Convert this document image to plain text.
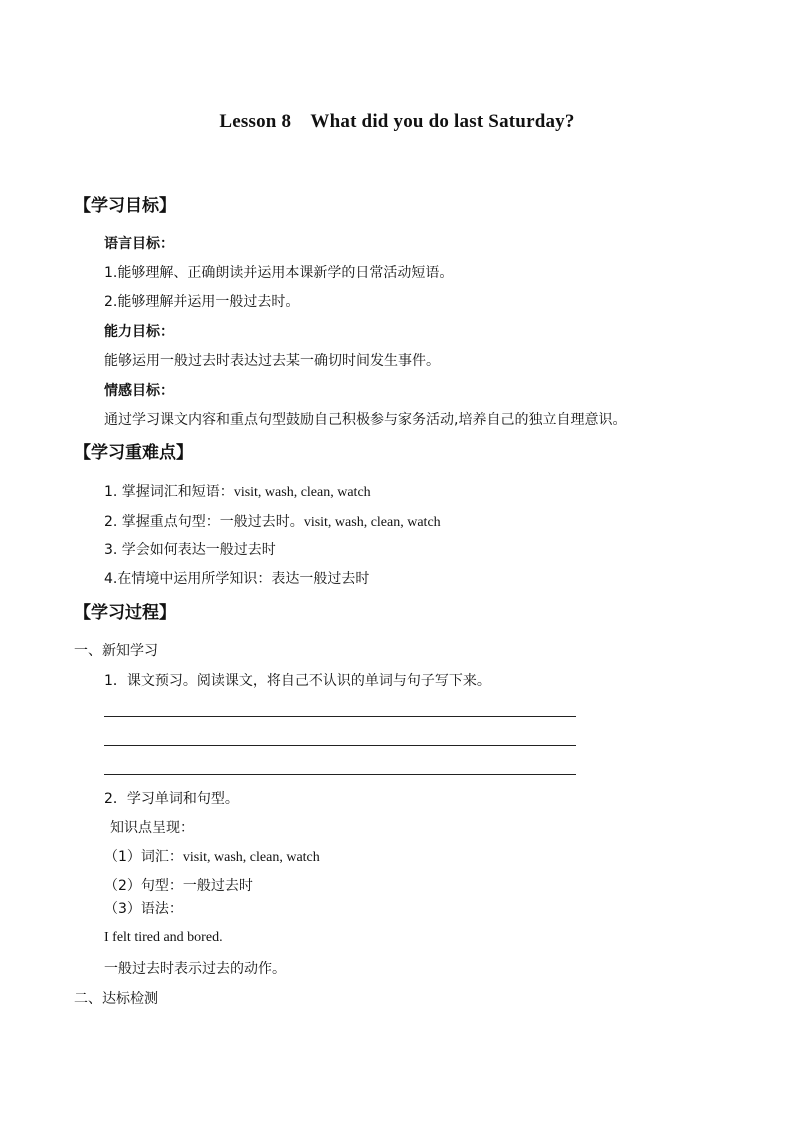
Lesson 8　What did you do last Saturday?
【学习目标】
语言目标：
1.能够理解、正确朗读并运用本课新学的日常活动短语。
2.能够理解并运用一般过去时。
能力目标：
能够运用一般过去时表达过去某一确切时间发生事件。
情感目标：
通过学习课文内容和重点句型鼓励自己积极参与家务活动,培养自己的独立自理意识。
【学习重难点】
1. 掌握词汇和短语：visit, wash, clean, watch
2. 掌握重点句型：一般过去时。visit, wash, clean, watch
3. 学会如何表达一般过去时
4.在情境中运用所学知识：表达一般过去时
【学习过程】
一、新知学习
1．课文预习。阅读课文，将自己不认识的单词与句子写下来。
2．学习单词和句型。
知识点呈现：
（1）词汇：visit, wash, clean, watch
（2）句型：一般过去时
（3）语法：
I felt tired and bored.
一般过去时表示过去的动作。
二、达标检测
